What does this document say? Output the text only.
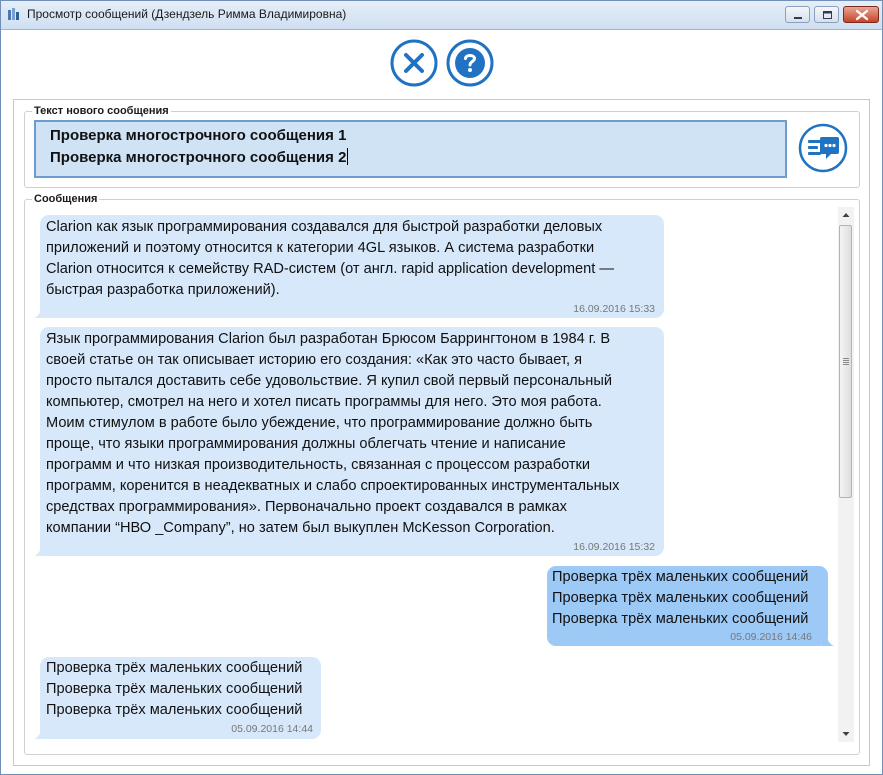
Просмотр сообщений (Дзендзель Римма Владимировна)
Текст нового сообщения
Проверка многострочного сообщения 1
Проверка многострочного сообщения 2
Сообщения
Clarion как язык программирования создавался для быстрой разработки деловых
приложений и поэтому относится к категории 4GL языков. А система разработки
Clarion относится к семейству RAD-систем (от англ. rapid application development —
быстрая разработка приложений).
16.09.2016 15:33
Язык программирования Clarion был разработан Брюсом Баррингтоном в 1984 г. В
своей статье он так описывает историю его создания: «Как это часто бывает, я
просто пытался доставить себе удовольствие. Я купил свой первый персональный
компьютер, смотрел на него и хотел писать программы для него. Это моя работа.
Моим стимулом в работе было убеждение, что программирование должно быть
проще, что языки программирования должны облегчать чтение и написание
программ и что низкая производительность, связанная с процессом разработки
программ, коренится в неадекватных и слабо спроектированных инструментальных
средствах программирования». Первоначально проект создавался в рамках
компании “НВО _Company”, но затем был выкуплен McKesson Corporation.
16.09.2016 15:32
Проверка трёх маленьких сообщений
Проверка трёх маленьких сообщений
Проверка трёх маленьких сообщений
05.09.2016 14:46
Проверка трёх маленьких сообщений
Проверка трёх маленьких сообщений
Проверка трёх маленьких сообщений
05.09.2016 14:44
